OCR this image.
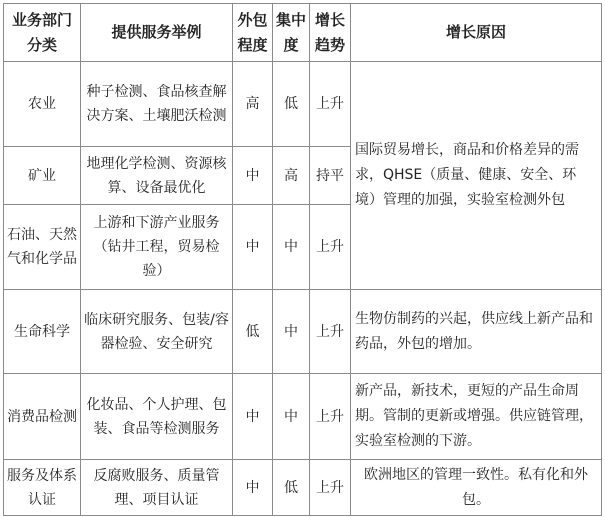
业务部门分类	提供服务举例	外包程度	集中度	增长趋势	增长原因
农业	种子检测、食品核查解决方案、土壤肥沃检测	高	低	上升	国际贸易增长，商品和价格差异的需求，QHSE（质量、健康、安全、环境）管理的加强，实验室检测外包
矿业	地理化学检测、资源核算、设备最优化	中	高	持平	
石油、天然气和化学品	上游和下游产业服务（钻井工程，贸易检验）	中	中	上升	
生命科学	临床研究服务、包装/容器检验、安全研究	低	中	上升	生物仿制药的兴起，供应线上新产品和药品，外包的增加。
消费品检测	化妆品、个人护理、包装、食品等检测服务	中	中	上升	新产品，新技术，更短的产品生命周期。管制的更新或增强。供应链管理，实验室检测的下游。
服务及体系认证	反腐败服务、质量管理、项目认证	中	低	上升	欧洲地区的管理一致性。私有化和外包。
